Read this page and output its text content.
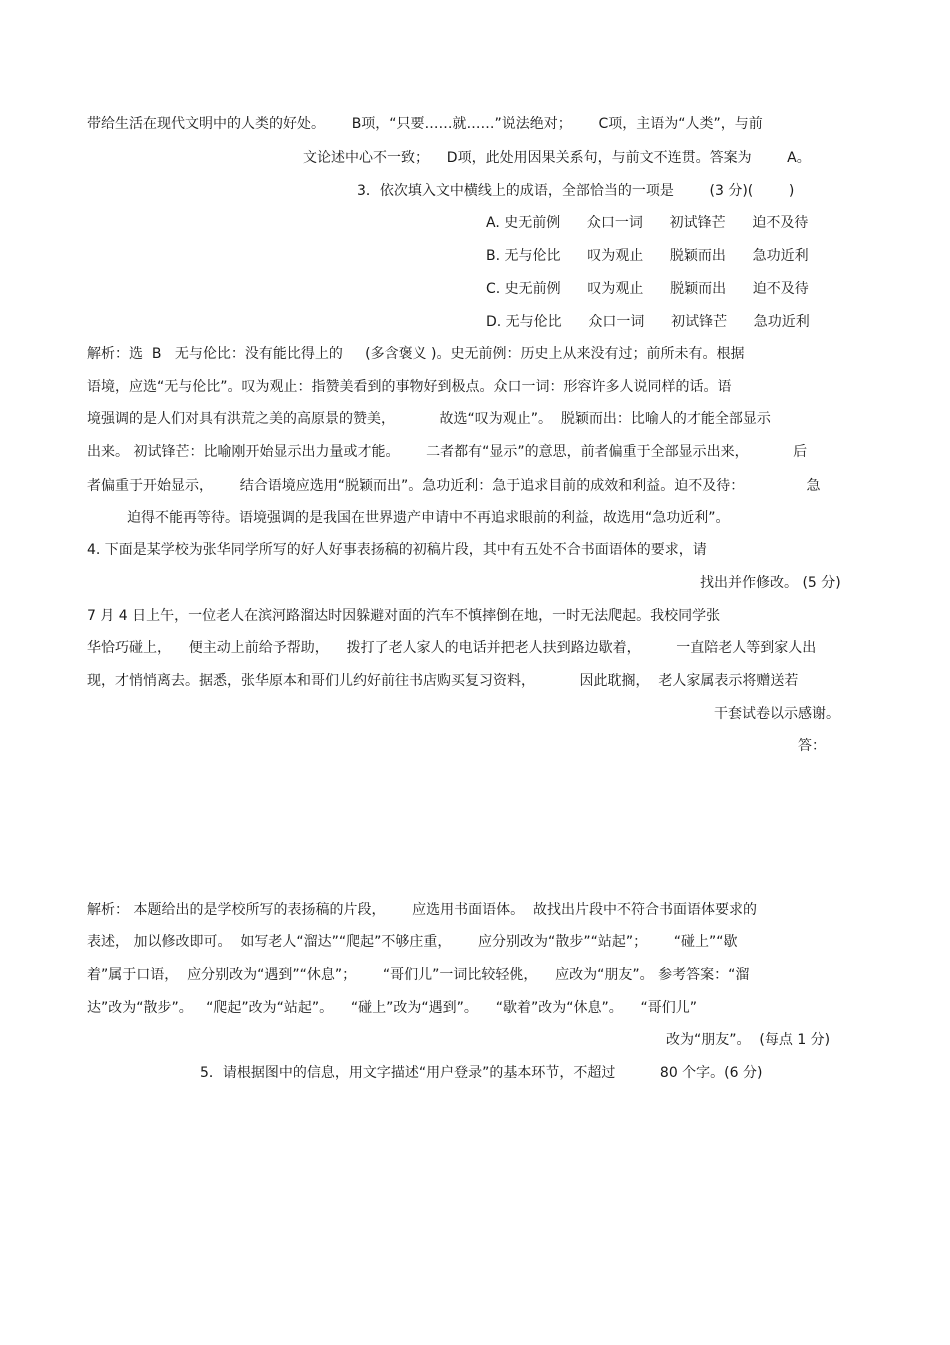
带给生活在现代文明中的人类的好处。      B项，“只要……就……”说法绝对；      C项，主语为“人类”，与前
文论述中心不一致；    D项，此处用因果关系句，与前文不连贯。答案为        A。
3．依次填入文中横线上的成语，全部恰当的一项是        (3 分)(        )
A. 史无前例      众口一词      初试锋芒      迫不及待
B. 无与伦比      叹为观止      脱颖而出      急功近利
C. 史无前例      叹为观止      脱颖而出      迫不及待
D. 无与伦比      众口一词      初试锋芒      急功近利
解析：选  B   无与伦比：没有能比得上的     (多含褒义 )。史无前例：历史上从来没有过；前所未有。根据
语境，应选“无与伦比”。叹为观止：指赞美看到的事物好到极点。众口一词：形容许多人说同样的话。语
境强调的是人们对具有洪荒之美的高原景的赞美，          故选“叹为观止”。  脱颖而出：比喻人的才能全部显示
出来。 初试锋芒：比喻刚开始显示出力量或才能。      二者都有“显示”的意思，前者偏重于全部显示出来，          后
者偏重于开始显示，      结合语境应选用“脱颖而出”。急功近利：急于追求目前的成效和利益。迫不及待：              急
迫得不能再等待。语境强调的是我国在世界遗产申请中不再追求眼前的利益，故选用“急功近利”。
4. 下面是某学校为张华同学所写的好人好事表扬稿的初稿片段，其中有五处不合书面语体的要求，请
找出并作修改。 (5 分)
7 月 4 日上午，一位老人在滨河路溜达时因躲避对面的汽车不慎摔倒在地，一时无法爬起。我校同学张
华恰巧碰上，    便主动上前给予帮助，    拨打了老人家人的电话并把老人扶到路边歇着，        一直陪老人等到家人出
现，才悄悄离去。据悉，张华原本和哥们儿约好前往书店购买复习资料，          因此耽搁，  老人家属表示将赠送若
干套试卷以示感谢。
答：
解析： 本题给出的是学校所写的表扬稿的片段，      应选用书面语体。  故找出片段中不符合书面语体要求的
表述， 加以修改即可。  如写老人“溜达”“爬起”不够庄重，      应分别改为“散步”“站起”；      “碰上”“歇
着”属于口语，  应分别改为“遇到”“休息”；      “哥们儿”一词比较轻佻，    应改为“朋友”。 参考答案：“溜
达”改为“散步”。   “爬起”改为“站起”。    “碰上”改为“遇到”。    “歇着”改为“休息”。    “哥们儿”
改为“朋友”。  (每点 1 分)
5．请根据图中的信息，用文字描述“用户登录”的基本环节，不超过          80 个字。(6 分)
